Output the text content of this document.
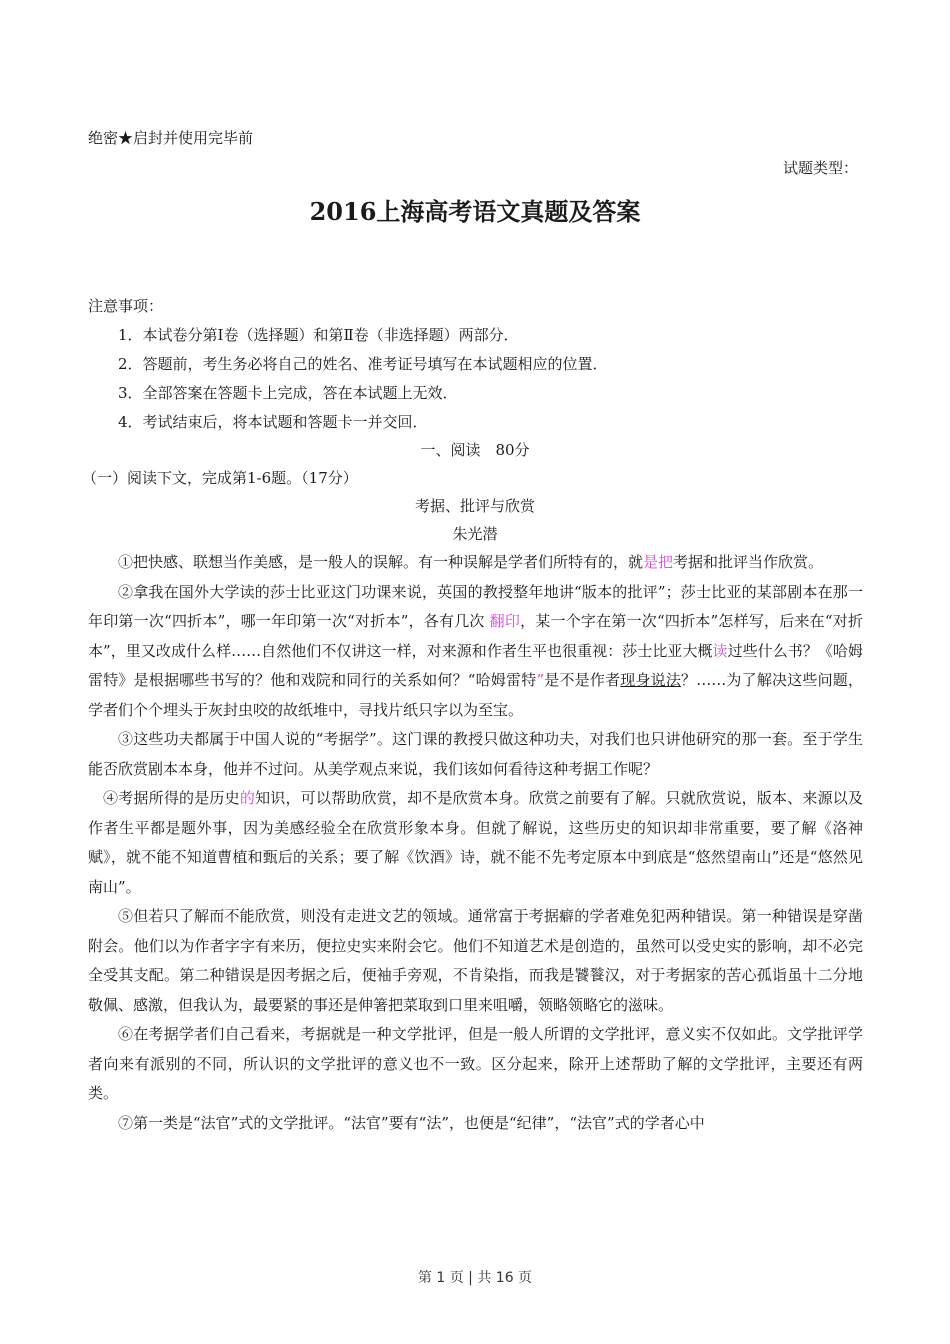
绝密★启封并使用完毕前
试题类型：
2016上海高考语文真题及答案
注意事项：
1．本试卷分第Ⅰ卷（选择题）和第Ⅱ卷（非选择题）两部分．
2．答题前，考生务必将自己的姓名、准考证号填写在本试题相应的位置．
3．全部答案在答题卡上完成，答在本试题上无效．
4．考试结束后，将本试题和答题卡一并交回．
一、阅读　80分
（一）阅读下文，完成第1-6题。（17分）
考据、批评与欣赏
朱光潜

①把快感、联想当作美感，是一般人的误解。有一种误解是学者们所特有的，就是把考据和批评当作欣赏。

②拿我在国外大学读的莎士比亚这门功课来说，英国的教授整年地讲“版本的批评”；莎士比亚的某部剧本在那一年印第一次“四折本”，哪一年印第一次“对折本”，各有几次 翻印，某一个字在第一次“四折本”怎样写，后来在“对折本”，里又改成什么样……自然他们不仅讲这一样，对来源和作者生平也很重视：莎士比亚大概读过些什么书？《哈姆雷特》是根据哪些书写的？他和戏院和同行的关系如何？“哈姆雷特”是不是作者现身说法？……为了解决这些问题，学者们个个埋头于灰封虫咬的故纸堆中，寻找片纸只字以为至宝。

③这些功夫都属于中国人说的“考据学”。这门课的教授只做这种功夫，对我们也只讲他研究的那一套。至于学生能否欣赏剧本本身，他并不过问。从美学观点来说，我们该如何看待这种考据工作呢？

④考据所得的是历史的知识，可以帮助欣赏，却不是欣赏本身。欣赏之前要有了解。只就欣赏说，版本、来源以及作者生平都是题外事，因为美感经验全在欣赏形象本身。但就了解说，这些历史的知识却非常重要，要了解《洛神赋》，就不能不知道曹植和甄后的关系；要了解《饮酒》诗，就不能不先考定原本中到底是“悠然望南山”还是“悠然见南山”。

⑤但若只了解而不能欣赏，则没有走进文艺的领域。通常富于考据癖的学者难免犯两种错误。第一种错误是穿凿附会。他们以为作者字字有来历，便拉史实来附会它。他们不知道艺术是创造的，虽然可以受史实的影响，却不必完全受其支配。第二种错误是因考据之后，便袖手旁观，不肯染指，而我是饕餮汉，对于考据家的苦心孤诣虽十二分地敬佩、感激，但我认为，最要紧的事还是伸箸把菜取到口里来咀嚼，领略领略它的滋味。

⑥在考据学者们自己看来，考据就是一种文学批评，但是一般人所谓的文学批评，意义实不仅如此。文学批评学者向来有派别的不同，所认识的文学批评的意义也不一致。区分起来，除开上述帮助了解的文学批评，主要还有两类。

⑦第一类是“法官”式的文学批评。“法官”要有“法”，也便是“纪律”，“法官”式的学者心中

第 1 页 | 共 16 页
